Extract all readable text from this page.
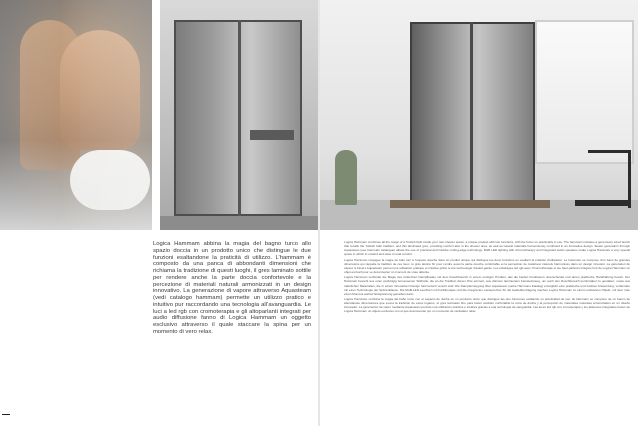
Logica Hammam abbina la magia del bagno turco allo spazio doccia in un prodotto unico che distingue le due funzioni esaltandone la praticità di utilizzo. L’hammam è composto da una panca di abbondanti dimensioni che richiama la tradizione di questi luoghi, il gres laminato sottile per rendere anche la parte doccia confortevole e la percezione di materiali naturali armonizzati in un design innovativo. La generazione di vapore attraverso Aquasteam (vedi catalogo hammam) permette un utilizzo pratico e intuitivo pur raccordando una tecnologia all’avanguardia. Le luci a led rgb con cromoterapia e gli altoparlanti integrati per audio diffusione fanno di Logica Hammam un oggetto esclusivo attraverso il quale staccare la spina per un momento di vero relax.

Logica Hammam combines all the magic of a Turkish bath inside your own shower space, a unique product with two functions, with the focus on practicality in use. The hammam includes a generously sized bench that recalls the Turkish bath tradition, and thin laminated gres, providing comfort also in the shower area, as well as natural materials harmoniously combined in an innovative design. Steam generation through Aquasteam (see hammam catalogue) allows the use of practical and intuitive cutting-edge technology. RGB LED lighting with chromotherapy and integrated audio speakers make Logica Hammam a very special space in which to unwind and relax in total comfort.

Logica Hammam conjugue la magie du bain turc à l’espace douche dans un produit unique qui distingue les deux fonctions en exaltant la praticité d’utilisation. Le hammam se compose d’un banc de grandes dimensions qui rappelle la tradition de ces lieux, le grès laminé fin pour rendre aussi la partie douche confortable et la perception de matériaux naturels harmonisés dans un design innovant. La génération de vapeur à travers Aquasteam permet une utilisation pratique et intuitive grâce à une technologie d’avant-garde. Les éclairages led rgb avec chromothérapie et les haut-parleurs intégrés font de Logica Hammam un objet exclusif pour se déconnecter un moment de vraie détente.

Logica Hammam verbindet die Magie des türkischen Dampfbades mit dem Duschbereich in einem einzigen Produkt, das die beiden Funktionen unterscheidet und deren praktische Handhabung betont. Der Hammam besteht aus einer großzügig bemessenen Sitzbank, die an die Tradition dieser Orte erinnert, aus dünnem laminiertem Feinsteinzeug, um auch den Duschbereich komfortabel zu gestalten, sowie aus natürlichen Materialien, die in einem innovativen Design harmonisch vereint sind. Die Dampferzeugung über Aquasteam (siehe Hammam-Katalog) ermöglicht eine praktische und intuitive Anwendung, verbunden mit einer Technologie der Spitzenklasse. Die RGB-LED-Leuchten mit Farbtherapie und die integrierten Lautsprecher für die Audioübertragung machen Logica Hammam zu einem exklusiven Objekt, mit dem man einen Moment wahrer Entspannung genießen kann.

Logica Hammam combina la magia del baño turco con el espacio de ducha en un producto único que distingue las dos funciones exaltando su practicidad de uso. El hammam se compone de un banco de abundantes dimensiones que evoca la tradición de estos lugares, el gres laminado fino para hacer también confortable la zona de ducha y la percepción de materiales naturales armonizados en un diseño innovador. La generación de vapor mediante Aquasteam permite una utilización práctica e intuitiva gracias a una tecnología de vanguardia. Las luces led rgb con cromoterapia y los altavoces integrados hacen de Logica Hammam un objeto exclusivo con el que desconectar por un momento de verdadero relax.
